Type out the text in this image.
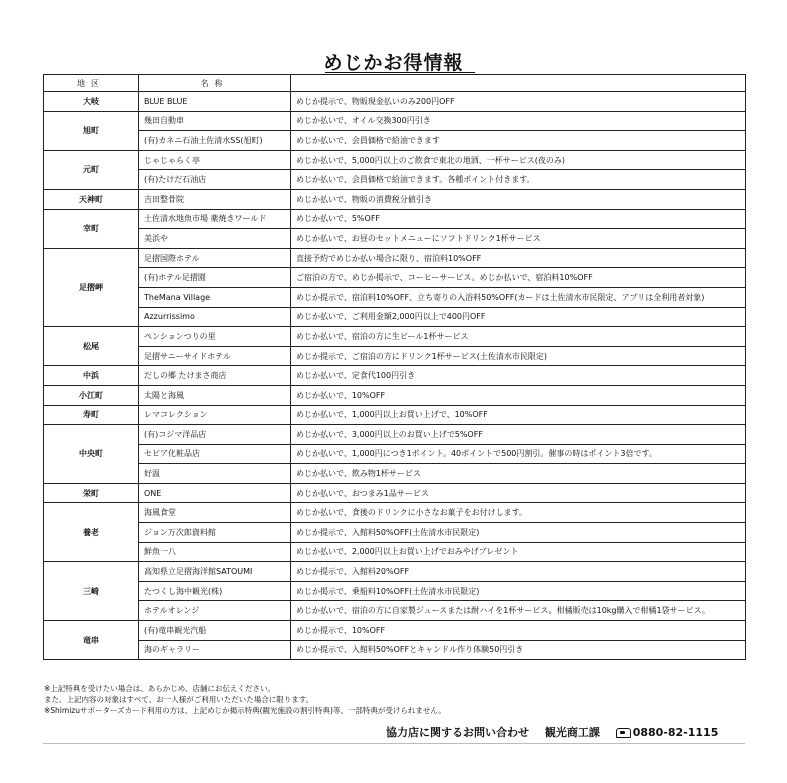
めじかお得情報
地区	名称	
大岐	BLUE BLUE	めじか提示で、物販現金払いのみ200円OFF
旭町	幾田自動車	めじか払いで、オイル交換300円引き
	(有)カネニ石油土佐清水SS(旭町)	めじか払いで、会員価格で給油できます
元町	じゃじゃらく亭	めじか払いで、5,000円以上のご飲食で東北の地酒、一杯サービス(夜のみ)
	(有)たけだ石油店	めじか払いで、会員価格で給油できます。各種ポイント付きます。
天神町	吉田整骨院	めじか払いで、物販の消費税分値引き
幸町	土佐清水地魚市場 薬焼きワールド	めじか払いで、5%OFF
	美浜や	めじか払いで、お昼のセットメニューにソフトドリンク1杯サービス
足摺岬	足摺国際ホテル	直接予約でめじか払い場合に限り、宿泊料10%OFF
	(有)ホテル足摺園	ご宿泊の方で、めじか掲示で、コーヒーサービス。めじか払いで、宿泊料10%OFF
	TheMana Village	めじか提示で、宿泊料10%OFF、立ち寄りの入浴料50%OFF(カードは土佐清水市民限定、アプリは全利用者対象)
	Azzurrissimo	めじか払いで、ご利用金額2,000円以上で400円OFF
松尾	ペンションつりの里	めじか払いで、宿泊の方に生ビール1杯サービス
	足摺サニーサイドホテル	めじか提示で、ご宿泊の方にドリンク1杯サービス(土佐清水市民限定)
中浜	だしの郷 たけまさ商店	めじか払いで、定食代100円引き
小江町	太陽と海風	めじか払いで、10%OFF
寿町	レマコレクション	めじか払いで、1,000円以上お買い上げで、10%OFF
中央町	(有)コジマ洋品店	めじか払いで、3,000円以上のお買い上げで5%OFF
	セピア化粧品店	めじか払いで、1,000円につき1ポイント。40ポイントで500円割引。催事の時はポイント3倍です。
	好温	めじか払いで、飲み物1杯サービス
栄町	ONE	めじか払いで、おつまみ1品サービス
養老	海風食堂	めじか払いで、食後のドリンクに小さなお菓子をお付けします。
	ジョン万次郎資料館	めじか提示で、入館料50%OFF(土佐清水市民限定)
	鮮魚一八	めじか払いで、2,000円以上お買い上げでおみやげプレゼント
三崎	高知県立足摺海洋館SATOUMI	めじか提示で、入館料20%OFF
	たつくし海中観光(株)	めじか掲示で、乗船料10%OFF(土佐清水市民限定)
	ホテルオレンジ	めじか払いで、宿泊の方に自家製ジュースまたは酎ハイを1杯サービス。柑橘販売は10kg購入で柑橘1袋サービス。
竜串	(有)竜串観光汽船	めじか提示で、10%OFF
	海のギャラリー	めじか提示で、入館料50%OFFとキャンドル作り体験50円引き
※上記特典を受けたい場合は、あらかじめ、店舗にお伝えください。
また、上記内容の対象はすべて、お一人様がご利用いただいた場合に限ります。
※Shimizuサポーターズカード利用の方は、上記めじか掲示特典(観光施設の割引特典)等、一部特典が受けられません。
協力店に関するお問い合わせ 観光商工課	0880-82-1115
